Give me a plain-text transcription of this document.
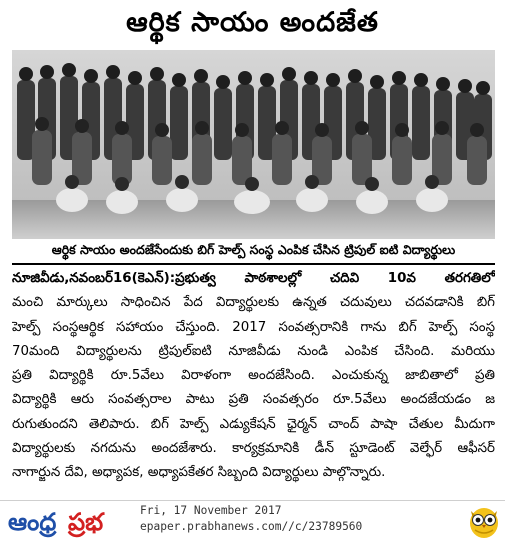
ఆర్థిక సాయం అందజేత
ఆర్థిక సాయం అందజేసేందుకు బిగ్ హెల్ప్ సంస్థ ఎంపిక చేసిన ట్రిపుల్ ఐటి విద్యార్థులు
నూజివీడు,నవంబర్16(కెఎన్):ప్రభుత్వ పాఠశాలల్లో చదివి 10వ తరగతిలో
మంచి మార్కులు సాధించిన పేద విద్యార్థులకు ఉన్నత చదువులు చదవడానికి బిగ్
హెల్ప్ సంస్థఆర్థిక సహాయం చేస్తుంది. 2017 సంవత్సరానికి గాను బిగ్ హెల్ప్ సంస్థ
70మంది విద్యార్థులను ట్రిపుల్ఐటి నూజివీడు నుండి ఎంపిక చేసింది. మరియు
ప్రతి విద్యార్థికి రూ.5వేలు విరాళంగా అందజేసింది. ఎంచుకున్న జాబితాలో ప్రతి
విద్యార్థికి ఆరు సంవత్సరాల పాటు ప్రతి సంవత్సరం రూ.5వేలు అందజేయడం జ
రుగుతుందని తెలిపారు. బిగ్ హెల్ప్ ఎడ్యుకేషన్ ఛైర్మన్ చాంద్ పాషా చేతుల మీదుగా
విద్యార్థులకు నగదును అందజేశారు. కార్యక్రమానికి డీన్ స్టూడెంట్ వెల్ఫేర్ ఆఫీసర్
నాగార్జున దేవి, అధ్యాపక, అధ్యాపకేతర సిబ్బంది విద్యార్థులు పాల్గొన్నారు.
ఆంధ్ర ప్రభ	Fri, 17 November 2017
epaper.prabhanews.com//c/23789560
